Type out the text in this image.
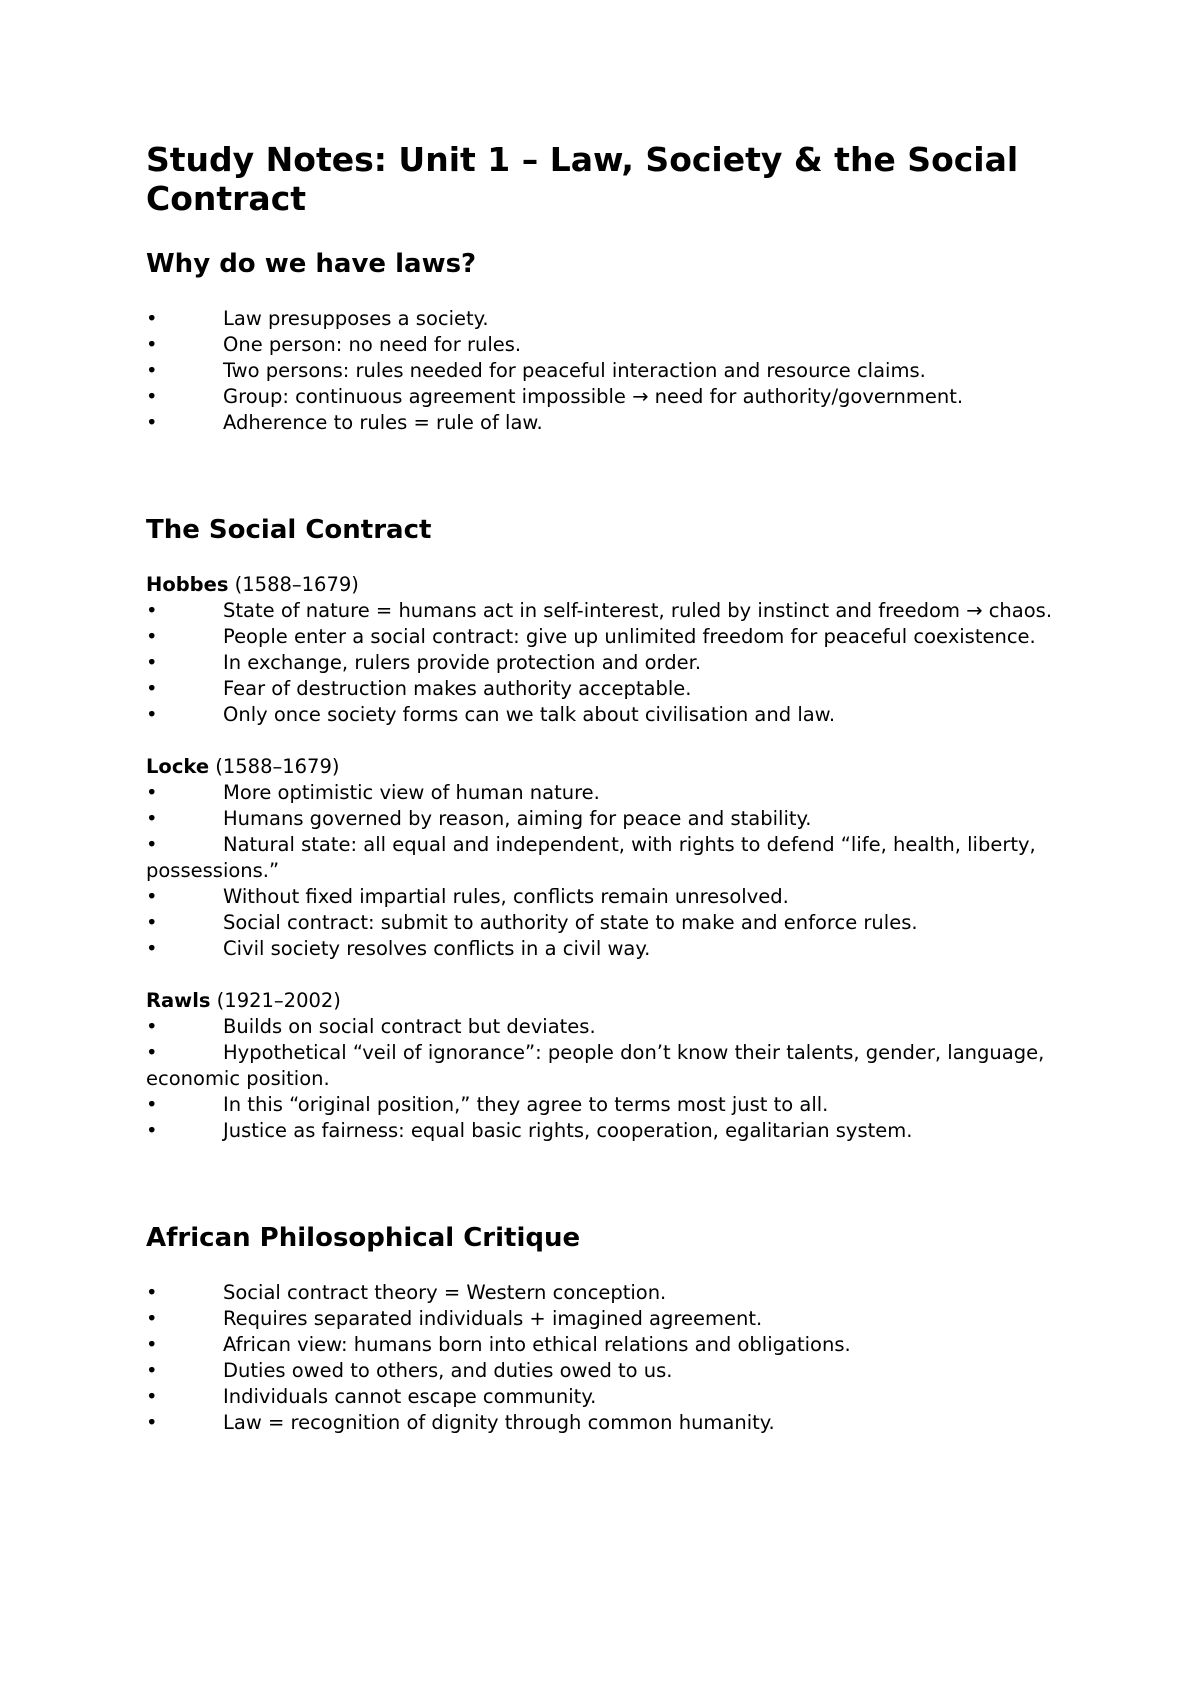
Study Notes: Unit 1 – Law, Society & the Social Contract
Why do we have laws?
•	Law presupposes a society.
•	One person: no need for rules.
•	Two persons: rules needed for peaceful interaction and resource claims.
•	Group: continuous agreement impossible → need for authority/government.
•	Adherence to rules = rule of law.
The Social Contract

Hobbes (1588–1679)

•	State of nature = humans act in self-interest, ruled by instinct and freedom → chaos.
•	People enter a social contract: give up unlimited freedom for peaceful coexistence.
•	In exchange, rulers provide protection and order.
•	Fear of destruction makes authority acceptable.
•	Only once society forms can we talk about civilisation and law.

Locke (1588–1679)

•	More optimistic view of human nature.
•	Humans governed by reason, aiming for peace and stability.
•	Natural state: all equal and independent, with rights to defend “life, health, liberty, possessions.”
•	Without fixed impartial rules, conflicts remain unresolved.
•	Social contract: submit to authority of state to make and enforce rules.
•	Civil society resolves conflicts in a civil way.

Rawls (1921–2002)

•	Builds on social contract but deviates.
•	Hypothetical “veil of ignorance”: people don’t know their talents, gender, language, economic position.
•	In this “original position,” they agree to terms most just to all.
•	Justice as fairness: equal basic rights, cooperation, egalitarian system.
African Philosophical Critique
•	Social contract theory = Western conception.
•	Requires separated individuals + imagined agreement.
•	African view: humans born into ethical relations and obligations.
•	Duties owed to others, and duties owed to us.
•	Individuals cannot escape community.
•	Law = recognition of dignity through common humanity.
